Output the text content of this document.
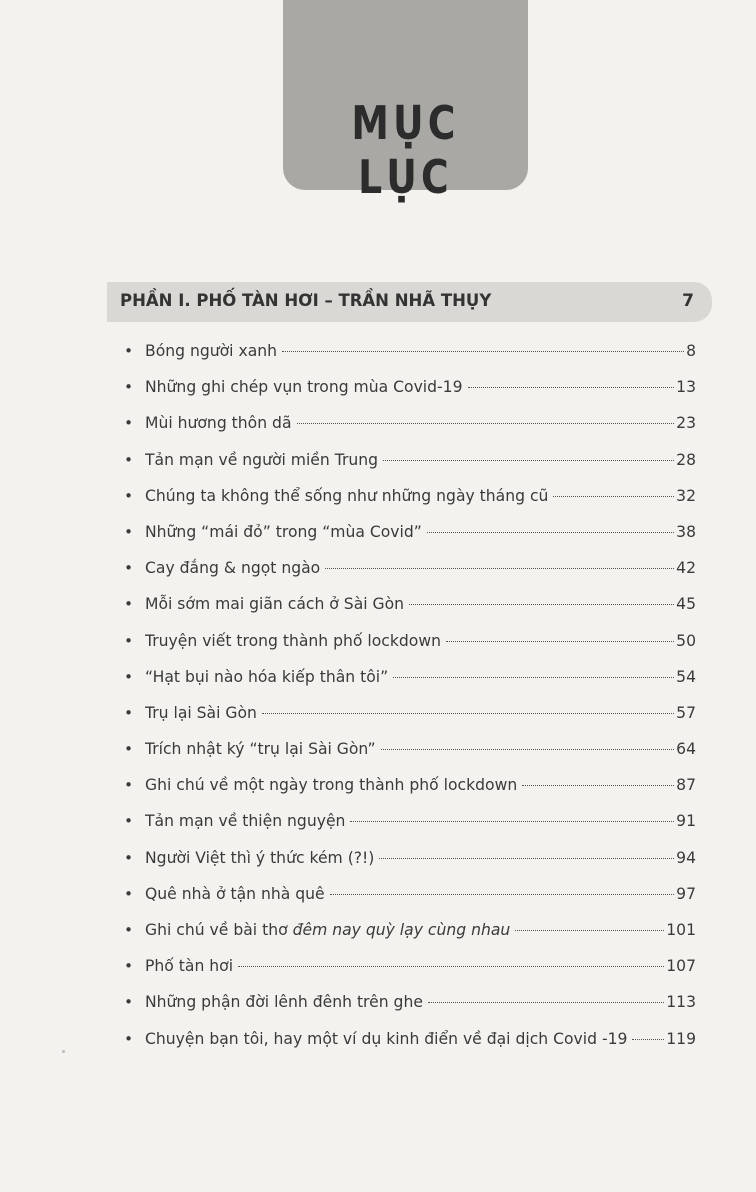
MỤC LỤC
PHẦN I. PHỐ TÀN HƠI – TRẦN NHÃ THỤY	7
• Bóng người xanh	8
• Những ghi chép vụn trong mùa Covid-19	13
• Mùi hương thôn dã	23
• Tản mạn về người miền Trung	28
• Chúng ta không thể sống như những ngày tháng cũ	32
• Những “mái đỏ” trong “mùa Covid”	38
• Cay đắng & ngọt ngào	42
• Mỗi sớm mai giãn cách ở Sài Gòn	45
• Truyện viết trong thành phố lockdown	50
• “Hạt bụi nào hóa kiếp thân tôi”	54
• Trụ lại Sài Gòn	57
• Trích nhật ký “trụ lại Sài Gòn”	64
• Ghi chú về một ngày trong thành phố lockdown	87
• Tản mạn về thiện nguyện	91
• Người Việt thì ý thức kém (?!)	94
• Quê nhà ở tận nhà quê	97
• Ghi chú về bài thơ đêm nay quỳ lạy cùng nhau	101
• Phố tàn hơi	107
• Những phận đời lênh đênh trên ghe	113
• Chuyện bạn tôi, hay một ví dụ kinh điển về đại dịch Covid -19 119
